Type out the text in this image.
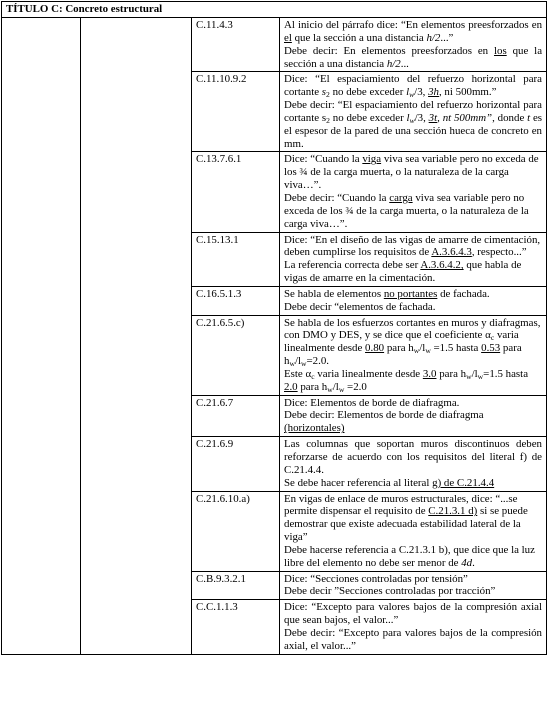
TÍTULO C: Concreto estructural			
		C.11.4.3	Al inicio del párrafo dice: “En elementos preesforzados en el que la sección a una distancia h/2...”

Debe decir: En elementos preesforzados en los que la sección a una distancia h/2...

		C.11.10.9.2	Dice: “El espaciamiento del refuerzo horizontal para cortante $s_2$ no debe exceder $l_w/3$, 3h, ni 500mm.”

Debe decir: “El espaciamiento del refuerzo horizontal para cortante $s_2$ no debe exceder $l_w/3$, 3t, nt 500mm”, donde t es el espesor de la pared de una sección hueca de concreto en mm.

		C.13.7.6.1	Dice: “Cuando la viga viva sea variable pero no exceda de los ¾ de la carga muerta, o la naturaleza de la carga viva…”.

Debe decir: “Cuando la carga viva sea variable pero no exceda de los ¾ de la carga muerta, o la naturaleza de la carga viva…”.

		C.15.13.1	Dice: “En el diseño de las vigas de amarre de cimentación, deben cumplirse los requisitos de A.3.6.4.3, respecto...”

La referencia correcta debe ser A.3.6.4.2, que habla de vigas de amarre en la cimentación.

		C.16.5.1.3	Se habla de elementos no portantes de fachada.

Debe decir “elementos de fachada.

		C.21.6.5.c)	Se habla de los esfuerzos cortantes en muros y diafragmas, con DMO y DES, y se dice que el coeficiente $\alpha_c$ varia linealmente desde 0.80 para $h_w/l_w =1.5$ hasta 0.53 para $h_w/l_w=2.0$.

Este $\alpha_c$ varia linealmente desde 3.0 para $h_w/l_w=1.5$ hasta 2.0 para $h_w/l_w =2.0$

		C.21.6.7	Dice: Elementos de borde de diafragma.

Debe decir: Elementos de borde de diafragma (horizontales)

		C.21.6.9	Las columnas que soportan muros discontinuos deben reforzarse de acuerdo con los requisitos del literal f) de C.21.4.4.

Se debe hacer referencia al literal g) de C.21.4.4

		C.21.6.10.a)	En vigas de enlace de muros estructurales, dice: “...se permite dispensar el requisito de C.21.3.1 d) si se puede demostrar que existe adecuada estabilidad lateral de la viga”

Debe hacerse referencia a C.21.3.1 b), que dice que la luz libre del elemento no debe ser menor de 4d.

		C.B.9.3.2.1	Dice: “Secciones controladas por tensión”

Debe decir ”Secciones controladas por tracción”

		C.C.1.1.3	Dice: “Excepto para valores bajos de la compresión axial que sean bajos, el valor...”

Debe decir: “Excepto para valores bajos de la compresión axial, el valor...”
